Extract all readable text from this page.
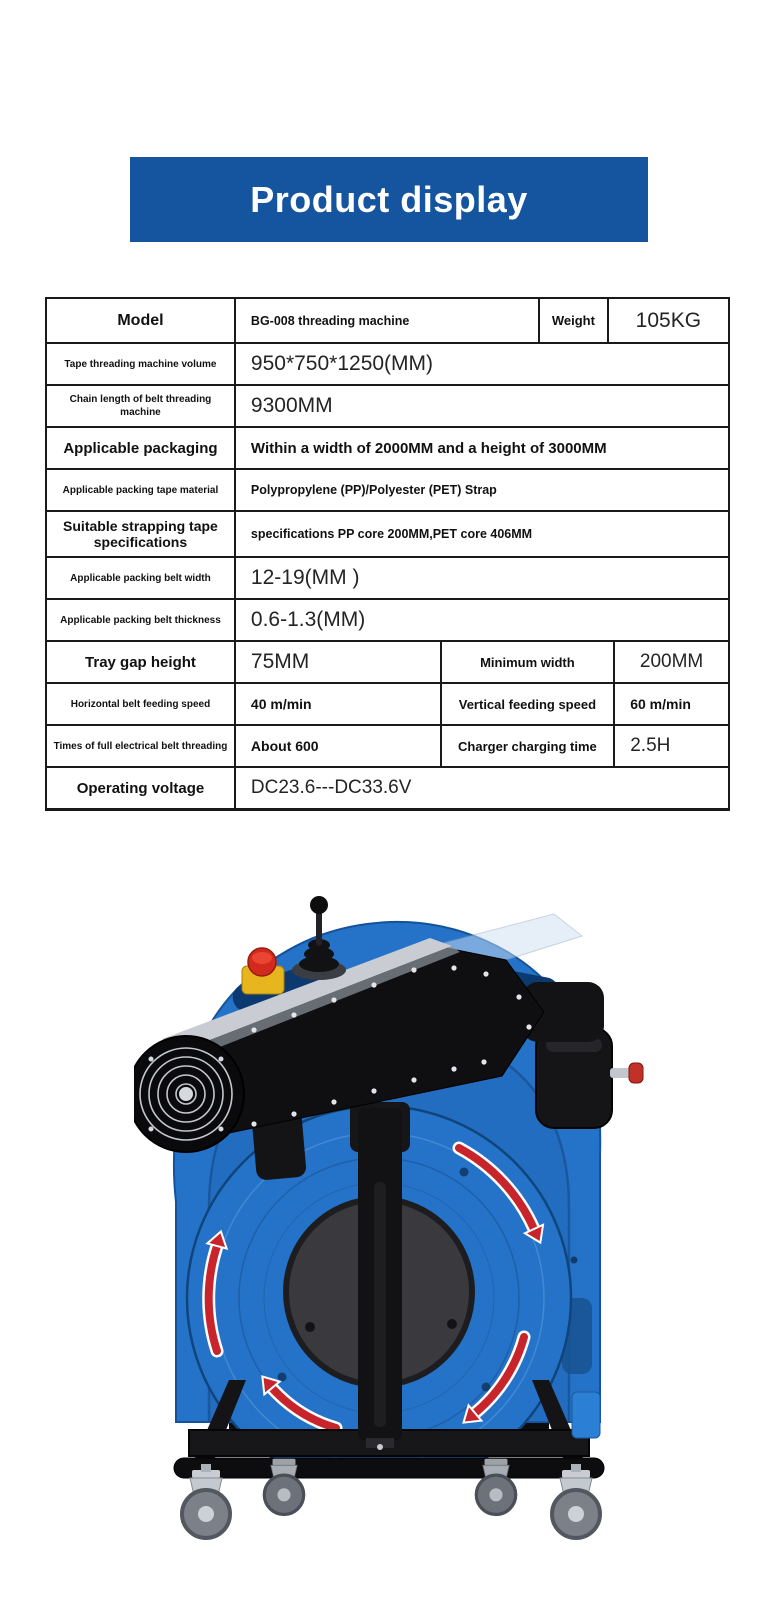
Product display
Model	BG-008 threading machine	Weight	105KG
Tape threading machine volume	950*750*1250(MM)
Chain length of belt threading machine	9300MM
Applicable packaging	Within a width of 2000MM and a height of 3000MM
Applicable packing tape material	Polypropylene (PP)/Polyester (PET) Strap
Suitable strapping tape specifications	specifications PP core 200MM,PET core 406MM
Applicable packing belt width	12-19(MM )
Applicable packing belt thickness	0.6-1.3(MM)
Tray gap height	75MM	Minimum width	200MM
Horizontal belt feeding speed	40 m/min	Vertical feeding speed	60 m/min
Times of full electrical belt threading	About 600	Charger charging time	2.5H
Operating voltage	DC23.6---DC33.6V
